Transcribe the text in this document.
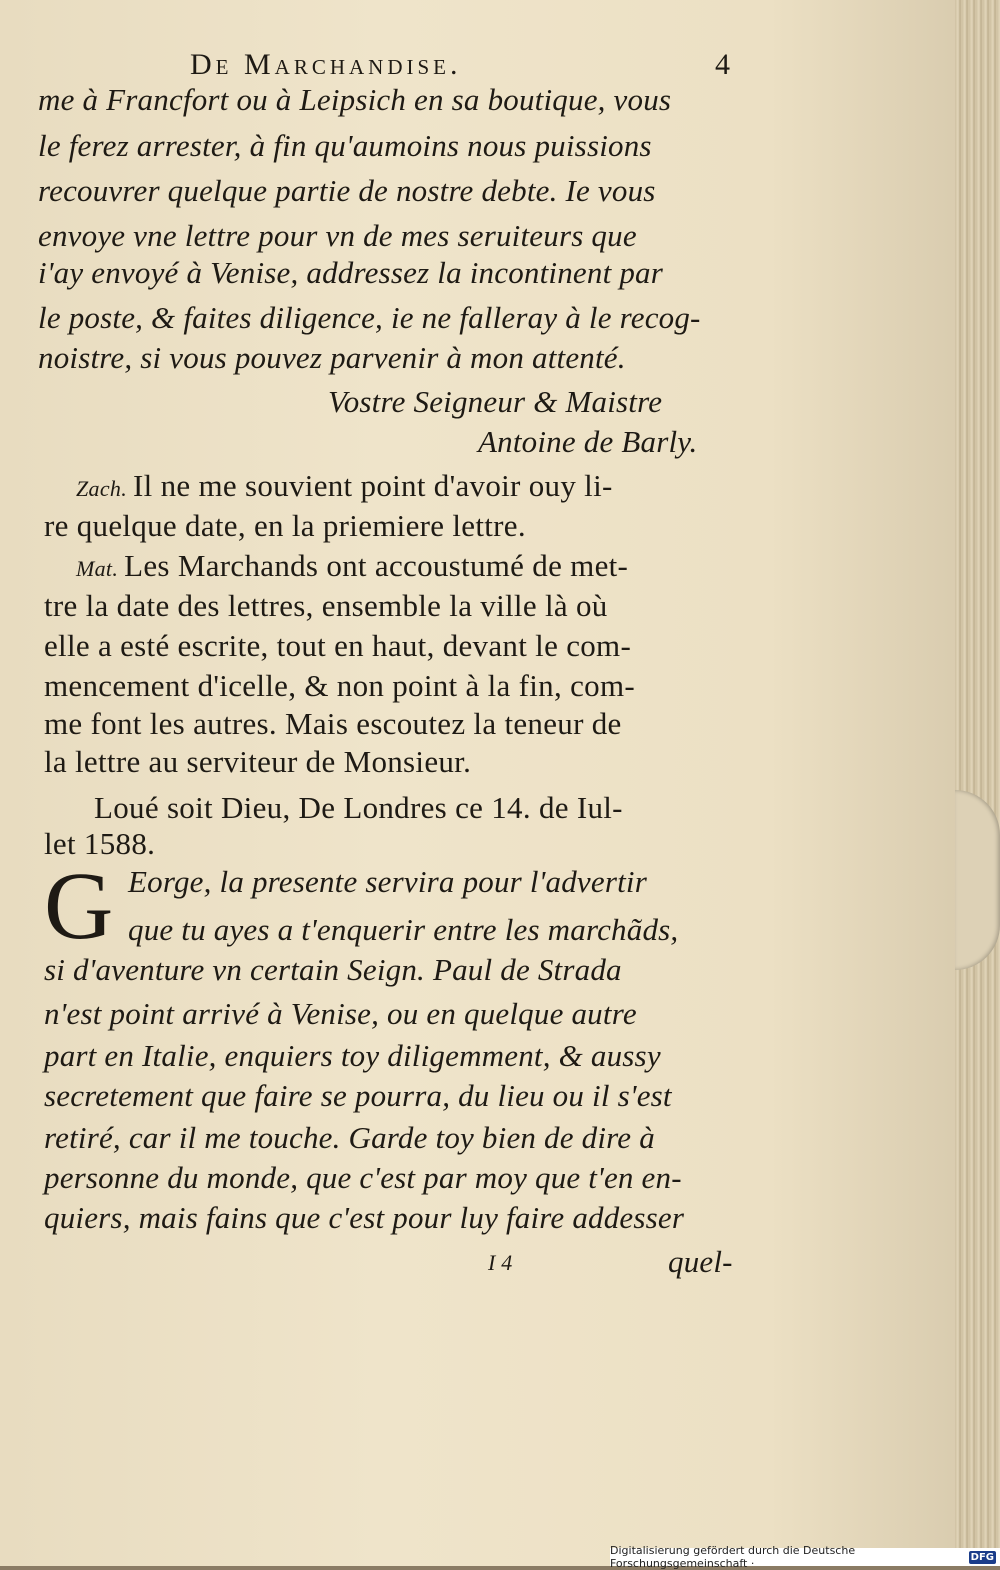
De Marchandise.	4
me à Francfort ou à Leipsich en sa boutique, vous
le ferez arrester, à fin qu'aumoins nous puissions
recouvrer quelque partie de nostre debte. Ie vous
envoye vne lettre pour vn de mes seruiteurs que
i'ay envoyé à Venise, addressez la incontinent par
le poste, & faites diligence, ie ne falleray à le recog-
noistre, si vous pouvez parvenir à mon attenté.
Vostre Seigneur & Maistre
Antoine de Barly.
Zach. Il ne me souvient point d'avoir ouy li-
re quelque date, en la priemiere lettre.
Mat. Les Marchands ont accoustumé de met-
tre la date des lettres, ensemble la ville là où
elle a esté escrite, tout en haut, devant le com-
mencement d'icelle, & non point à la fin, com-
me font les autres. Mais escoutez la teneur de
la lettre au serviteur de Monsieur.
Loué soit Dieu, De Londres ce 14. de Iul-
let 1588.
Eorge, la presente servira pour l'advertir
que tu ayes a t'enquerir entre les marchãds,
si d'aventure vn certain Seign. Paul de Strada
n'est point arrivé à Venise, ou en quelque autre
part en Italie, enquiers toy diligemment, & aussy
secretement que faire se pourra, du lieu ou il s'est
retiré, car il me touche. Garde toy bien de dire à
personne du monde, que c'est par moy que t'en en-
quiers, mais fains que c'est pour luy faire addesser
I 4	quel-
G
Digitalisierung gefördert durch die Deutsche Forschungsgemeinschaft ·	DFG
